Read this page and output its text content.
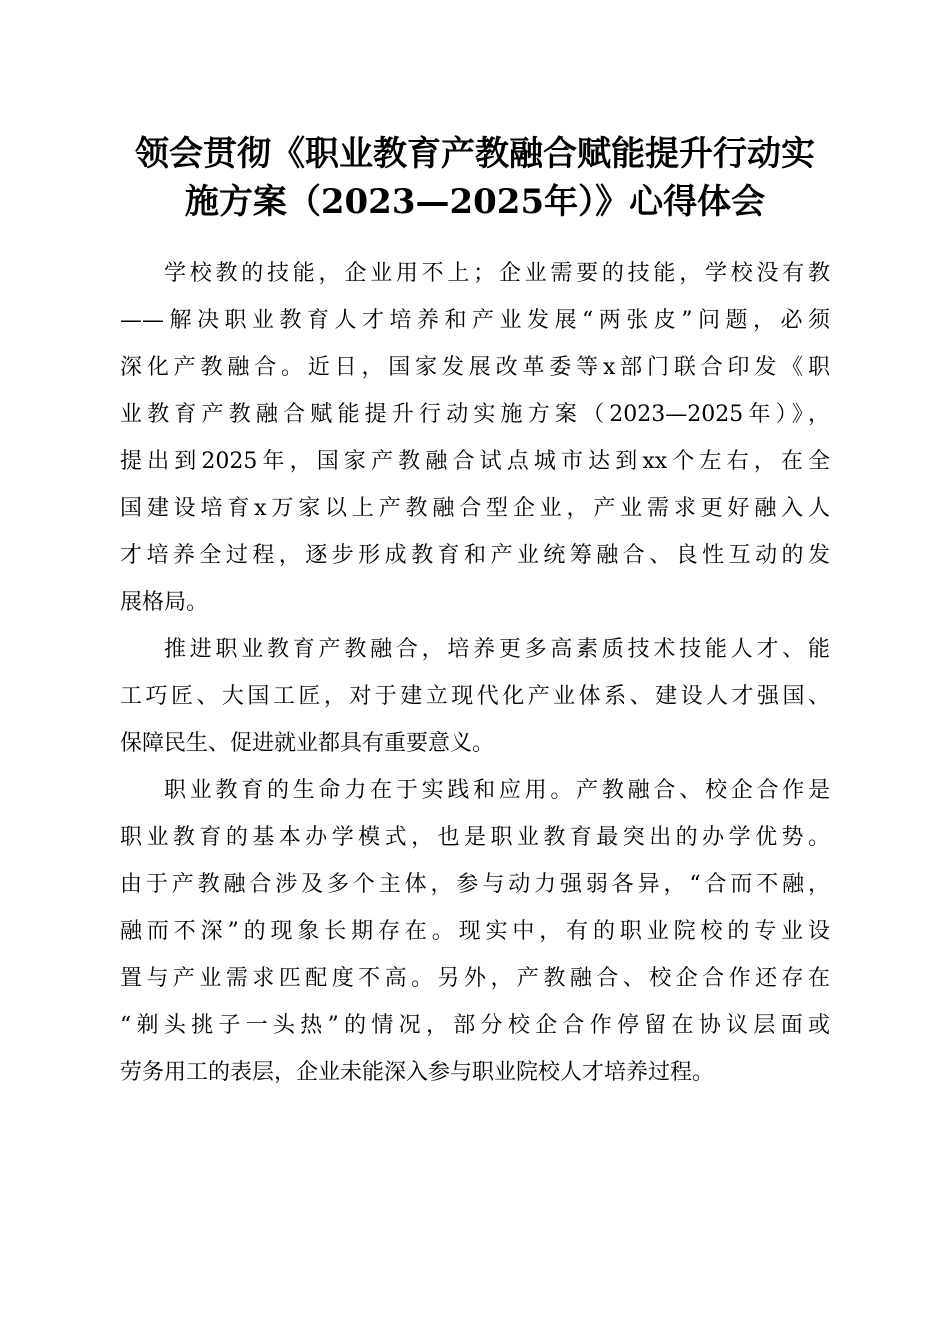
领会贯彻《职业教育产教融合赋能提升行动实
施方案（2023—2025年）》心得体会
学校教的技能，企业用不上；企业需要的技能，学校没有教
——解决职业教育人才培养和产业发展“两张皮”问题，必须
深化产教融合。近日，国家发展改革委等x部门联合印发《职
业教育产教融合赋能提升行动实施方案（2023—2025年）》，
提出到2025年，国家产教融合试点城市达到xx个左右，在全
国建设培育x万家以上产教融合型企业，产业需求更好融入人
才培养全过程，逐步形成教育和产业统筹融合、良性互动的发
展格局。
推进职业教育产教融合，培养更多高素质技术技能人才、能
工巧匠、大国工匠，对于建立现代化产业体系、建设人才强国、
保障民生、促进就业都具有重要意义。
职业教育的生命力在于实践和应用。产教融合、校企合作是
职业教育的基本办学模式，也是职业教育最突出的办学优势。
由于产教融合涉及多个主体，参与动力强弱各异，“合而不融，
融而不深”的现象长期存在。现实中，有的职业院校的专业设
置与产业需求匹配度不高。另外，产教融合、校企合作还存在
“剃头挑子一头热”的情况，部分校企合作停留在协议层面或
劳务用工的表层，企业未能深入参与职业院校人才培养过程。
